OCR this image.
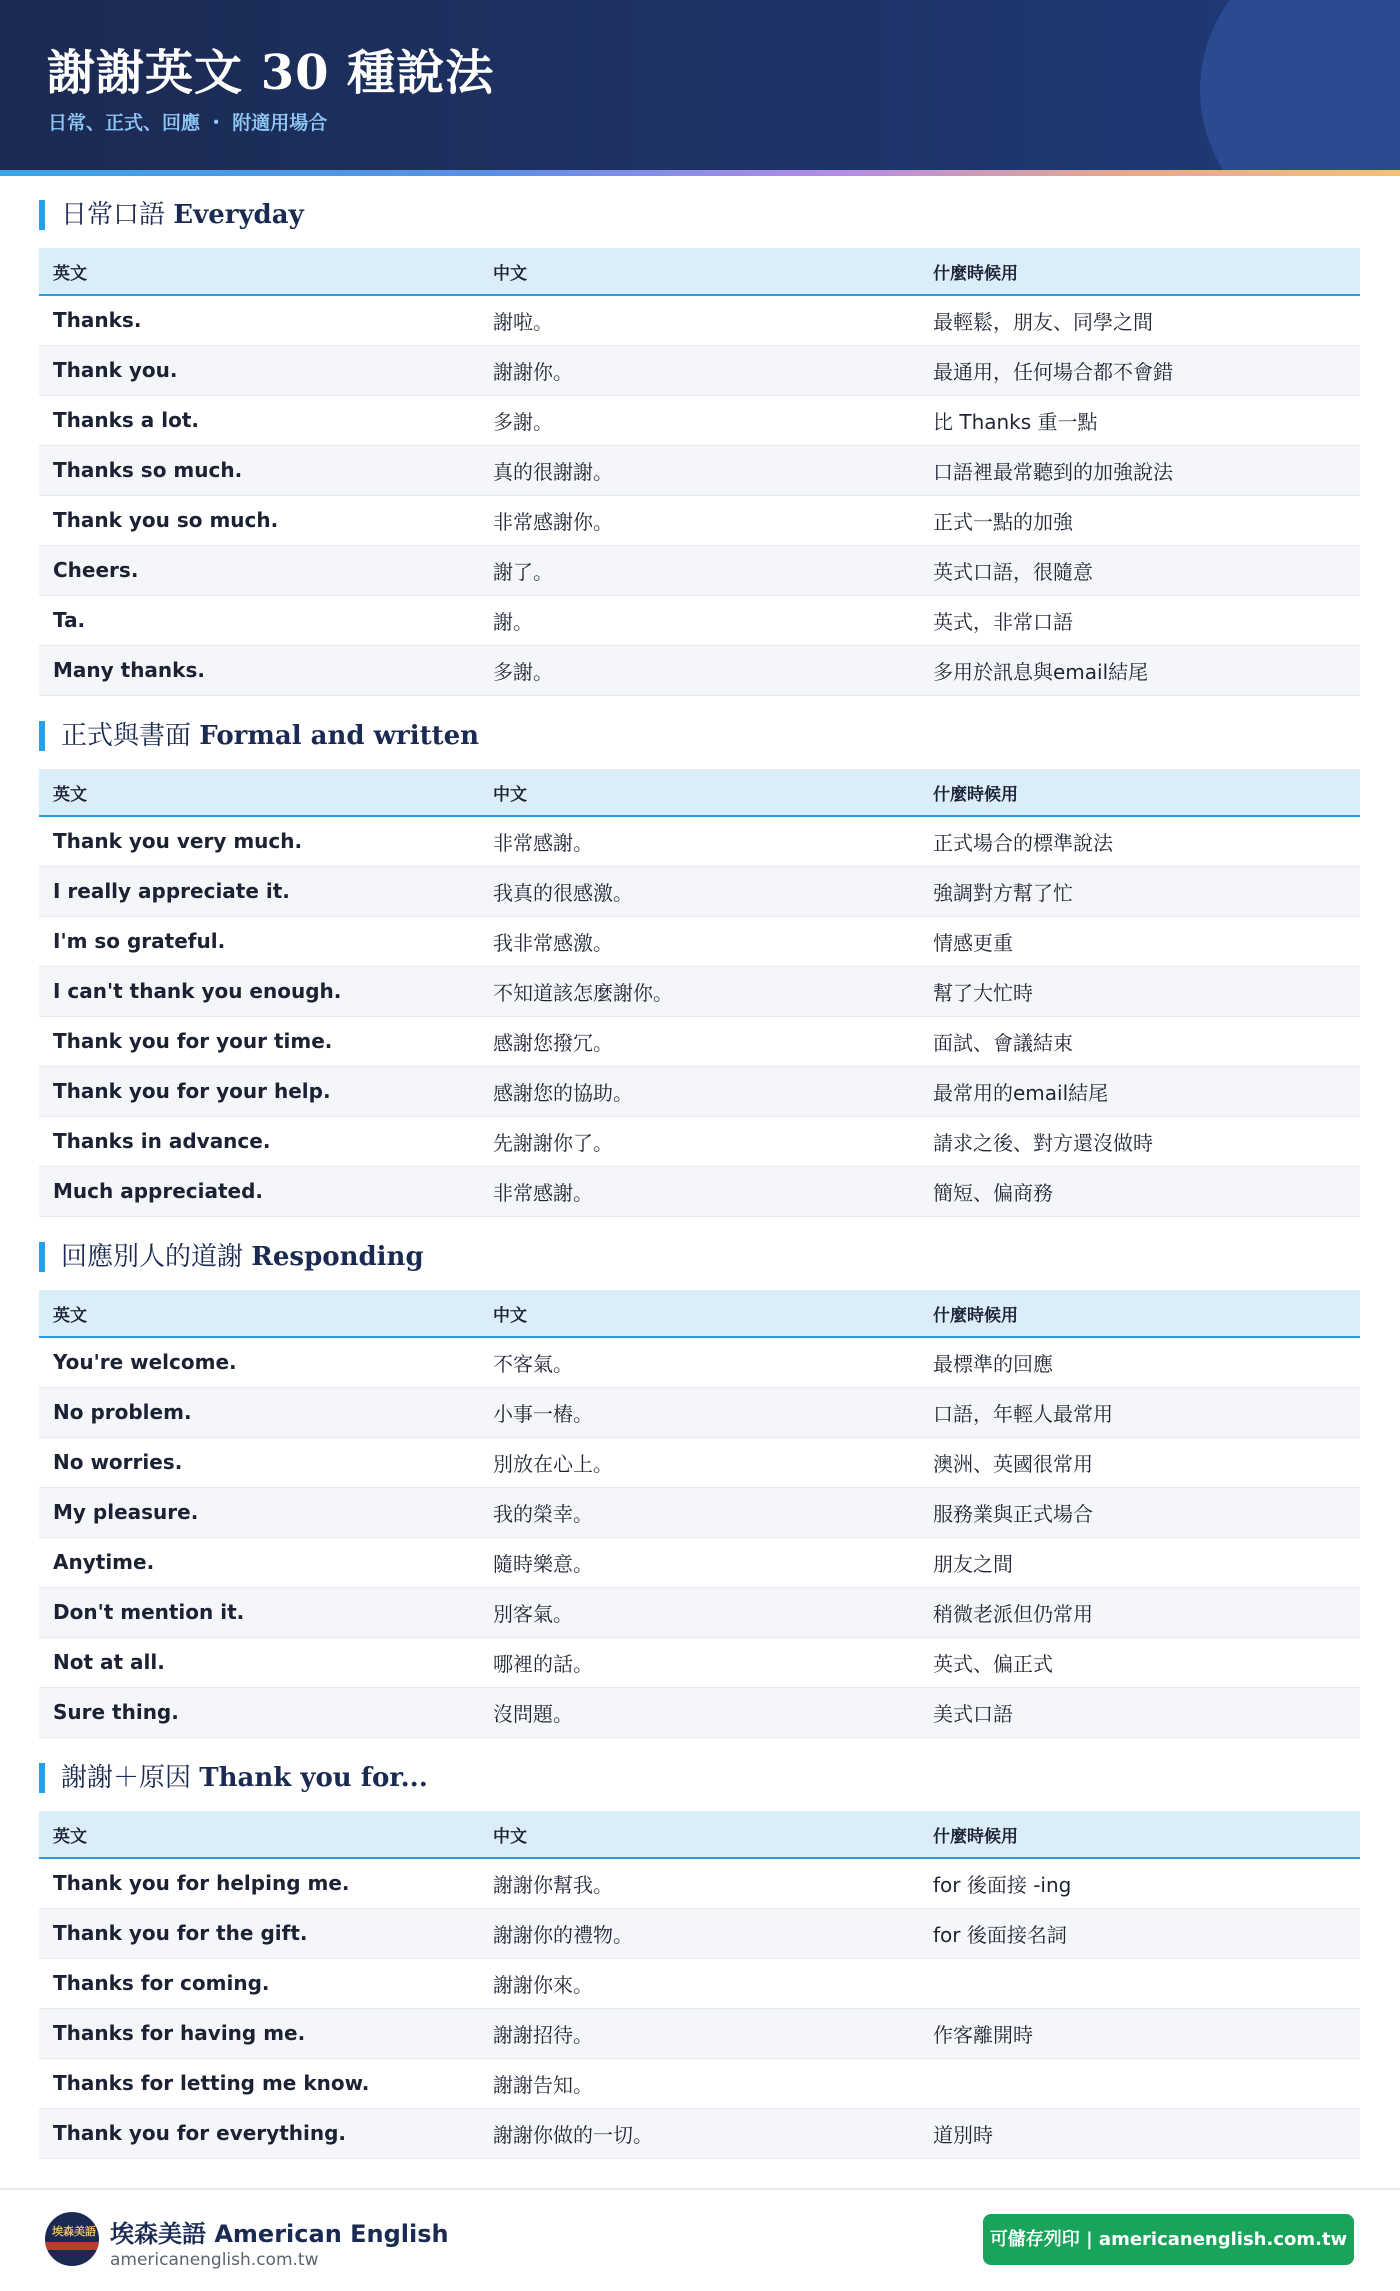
謝謝英文 30 種說法
日常、正式、回應 ・ 附適用場合
日常口語 Everyday
英文	中文	什麼時候用
Thanks.	謝啦。	最輕鬆，朋友、同學之間
Thank you.	謝謝你。	最通用，任何場合都不會錯
Thanks a lot.	多謝。	比 Thanks 重一點
Thanks so much.	真的很謝謝。	口語裡最常聽到的加強說法
Thank you so much.	非常感謝你。	正式一點的加強
Cheers.	謝了。	英式口語，很隨意
Ta.	謝。	英式，非常口語
Many thanks.	多謝。	多用於訊息與email結尾
正式與書面 Formal and written
英文	中文	什麼時候用
Thank you very much.	非常感謝。	正式場合的標準說法
I really appreciate it.	我真的很感激。	強調對方幫了忙
I'm so grateful.	我非常感激。	情感更重
I can't thank you enough.	不知道該怎麼謝你。	幫了大忙時
Thank you for your time.	感謝您撥冗。	面試、會議結束
Thank you for your help.	感謝您的協助。	最常用的email結尾
Thanks in advance.	先謝謝你了。	請求之後、對方還沒做時
Much appreciated.	非常感謝。	簡短、偏商務
回應別人的道謝 Responding
英文	中文	什麼時候用
You're welcome.	不客氣。	最標準的回應
No problem.	小事一樁。	口語，年輕人最常用
No worries.	別放在心上。	澳洲、英國很常用
My pleasure.	我的榮幸。	服務業與正式場合
Anytime.	隨時樂意。	朋友之間
Don't mention it.	別客氣。	稍微老派但仍常用
Not at all.	哪裡的話。	英式、偏正式
Sure thing.	沒問題。	美式口語
謝謝＋原因 Thank you for...
英文	中文	什麼時候用
Thank you for helping me.	謝謝你幫我。	for 後面接 -ing
Thank you for the gift.	謝謝你的禮物。	for 後面接名詞
Thanks for coming.	謝謝你來。	
Thanks for having me.	謝謝招待。	作客離開時
Thanks for letting me know.	謝謝告知。	
Thank you for everything.	謝謝你做的一切。	道別時
埃森美語 埃森美語 American English
americanenglish.com.tw
可儲存列印 | americanenglish.com.tw
